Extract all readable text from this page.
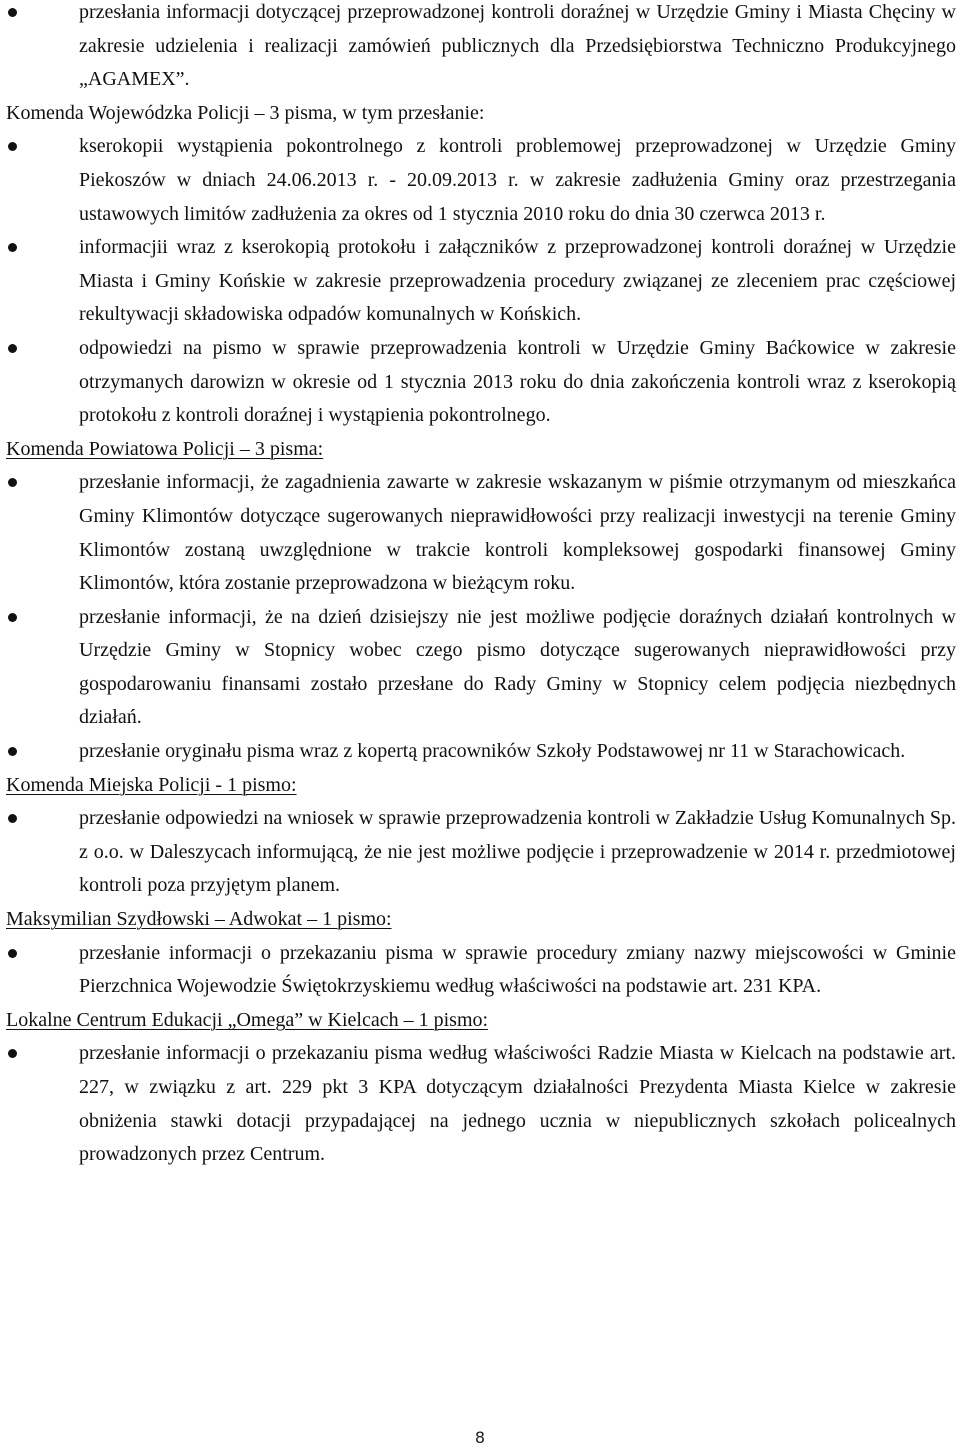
przesłania informacji dotyczącej przeprowadzonej kontroli doraźnej w Urzędzie Gminy i Miasta Chęciny w zakresie udzielenia i realizacji zamówień publicznych dla Przedsiębiorstwa Techniczno Produkcyjnego „AGAMEX”.

Komenda Wojewódzka Policji – 3 pisma, w tym przesłanie:

kserokopii wystąpienia pokontrolnego z kontroli problemowej przeprowadzonej w Urzędzie Gminy Piekoszów w dniach 24.06.2013 r. - 20.09.2013 r. w zakresie zadłużenia Gminy oraz przestrzegania ustawowych limitów zadłużenia za okres od 1 stycznia 2010 roku do dnia 30 czerwca 2013 r.
informacjii wraz z kserokopią protokołu i załączników z przeprowadzonej kontroli doraźnej w Urzędzie Miasta i Gminy Końskie w zakresie przeprowadzenia procedury związanej ze zleceniem prac częściowej rekultywacji składowiska odpadów komunalnych w Końskich.
odpowiedzi na pismo w sprawie przeprowadzenia kontroli w Urzędzie Gminy Baćkowice w zakresie otrzymanych darowizn w okresie od 1 stycznia 2013 roku do dnia zakończenia kontroli wraz z kserokopią protokołu z kontroli doraźnej i wystąpienia pokontrolnego.

Komenda Powiatowa Policji – 3 pisma:

przesłanie informacji, że zagadnienia zawarte w zakresie wskazanym w piśmie otrzymanym od mieszkańca Gminy Klimontów dotyczące sugerowanych nieprawidłowości przy realizacji inwestycji na terenie Gminy Klimontów zostaną uwzględnione w trakcie kontroli kompleksowej gospodarki finansowej Gminy Klimontów, która zostanie przeprowadzona w bieżącym roku.
przesłanie informacji, że na dzień dzisiejszy nie jest możliwe podjęcie doraźnych działań kontrolnych w Urzędzie Gminy w Stopnicy wobec czego pismo dotyczące sugerowanych nieprawidłowości przy gospodarowaniu finansami zostało przesłane do Rady Gminy w Stopnicy celem podjęcia niezbędnych działań.
przesłanie oryginału pisma wraz z kopertą pracowników Szkoły Podstawowej nr 11 w Starachowicach.

Komenda Miejska Policji - 1 pismo:

przesłanie odpowiedzi na wniosek w sprawie przeprowadzenia kontroli w Zakładzie Usług Komunalnych Sp. z o.o. w Daleszycach informującą, że nie jest możliwe podjęcie i przeprowadzenie w 2014 r. przedmiotowej kontroli poza przyjętym planem.

Maksymilian Szydłowski – Adwokat – 1 pismo:

przesłanie informacji o przekazaniu pisma w sprawie procedury zmiany nazwy miejscowości w Gminie Pierzchnica Wojewodzie Świętokrzyskiemu według właściwości na podstawie art. 231 KPA.

Lokalne Centrum Edukacji „Omega” w Kielcach – 1 pismo:

przesłanie informacji o przekazaniu pisma według właściwości Radzie Miasta w Kielcach na podstawie art. 227, w związku z art. 229 pkt 3 KPA dotyczącym działalności Prezydenta Miasta Kielce w zakresie obniżenia stawki dotacji przypadającej na jednego ucznia w niepublicznych szkołach policealnych prowadzonych przez Centrum.
8
